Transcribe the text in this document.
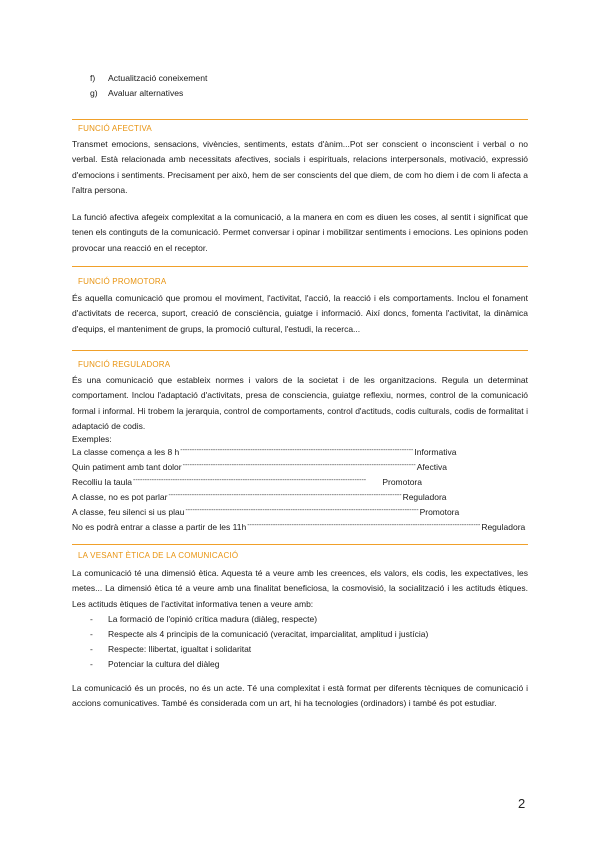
f)	Actualització coneixement
g)	Avaluar alternatives
FUNCIÓ AFECTIVA
Transmet emocions, sensacions, vivències, sentiments, estats d'ànim...Pot ser conscient o inconscient i verbal o no verbal. Està relacionada amb necessitats afectives, socials i espirituals, relacions interpersonals, motivació, expressió d'emocions i sentiments. Precisament per això, hem de ser conscients del que diem, de com ho diem i de com li afecta a l'altra persona.
La funció afectiva afegeix complexitat a la comunicació, a la manera en com es diuen les coses, al sentit i significat que tenen els continguts de la comunicació. Permet conversar i opinar i mobilitzar sentiments i emocions. Les opinions poden provocar una reacció en el receptor.
FUNCIÓ PROMOTORA
És aquella comunicació que promou el moviment, l'activitat, l'acció, la reacció i els comportaments. Inclou el fonament d'activitats de recerca, suport, creació de consciència, guiatge i informació. Així doncs, fomenta l'activitat, la dinàmica d'equips, el manteniment de grups, la promoció cultural, l'estudi, la recerca...
FUNCIÓ REGULADORA
És una comunicació que estableix normes i valors de la societat i de les organitzacions. Regula un determinat comportament. Inclou l'adaptació d'activitats, presa de consciencia, guiatge reflexiu, normes, control de la comunicació formal i informal. Hi trobem la jerarquia, control de comportaments, control d'actituds, codis culturals, codis de formalitat i adaptació de codis.
Exemples:
La classe comença a les 8 h ---------------------------------------------------------------------------------------------------- Informativa
Quin patiment amb tant dolor ---------------------------------------------------------------------------------------------------- Afectiva
Recolliu la taula ----------------------------------------------------------------------------------------------------	Promotora
A classe, no es pot parlar ---------------------------------------------------------------------------------------------------- Reguladora
A classe, feu silenci si us plau ---------------------------------------------------------------------------------------------------- Promotora
No es podrà entrar a classe a partir de les 11h ---------------------------------------------------------------------------------------------------- Reguladora
LA VESANT ÈTICA DE LA COMUNICACIÓ
La comunicació té una dimensió ètica. Aquesta té a veure amb les creences, els valors, els codis, les expectatives, les metes... La dimensió ètica té a veure amb una finalitat beneficiosa, la cosmovisió, la socialització i les actituds ètiques. Les actituds ètiques de l'activitat informativa tenen a veure amb:
-	La formació de l'opinió crítica madura (diàleg, respecte)
-	Respecte als 4 principis de la comunicació (veracitat, imparcialitat, amplitud i justícia)
-	Respecte: llibertat, igualtat i solidaritat
-	Potenciar la cultura del diàleg
La comunicació és un procés, no és un acte. Té una complexitat i està format per diferents tècniques de comunicació i accions comunicatives. També és considerada com un art, hi ha tecnologies (ordinadors) i també és pot estudiar.
2
